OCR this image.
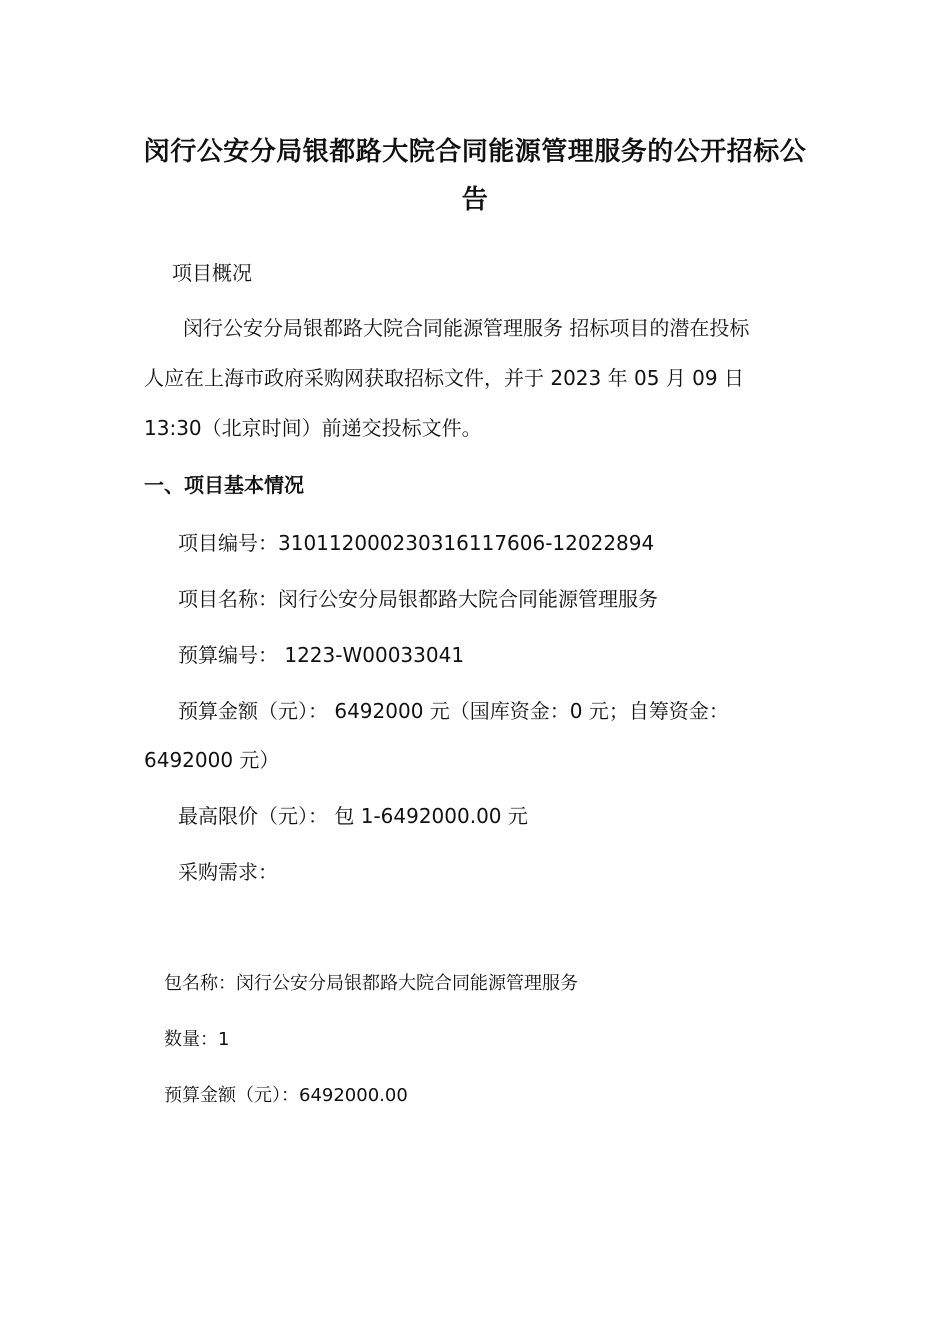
闵行公安分局银都路大院合同能源管理服务的公开招标公告
项目概况
闵行公安分局银都路大院合同能源管理服务 招标项目的潜在投标
人应在上海市政府采购网获取招标文件，并于 2023 年 05 月 09 日
13:30（北京时间）前递交投标文件。
一、项目基本情况
项目编号：310112000230316117606-12022894
项目名称：闵行公安分局银都路大院合同能源管理服务
预算编号： 1223-W00033041
预算金额（元）： 6492000 元（国库资金：0 元；自筹资金：
6492000 元）
最高限价（元）： 包 1-6492000.00 元
采购需求：
包名称：闵行公安分局银都路大院合同能源管理服务
数量：1
预算金额（元）：6492000.00
